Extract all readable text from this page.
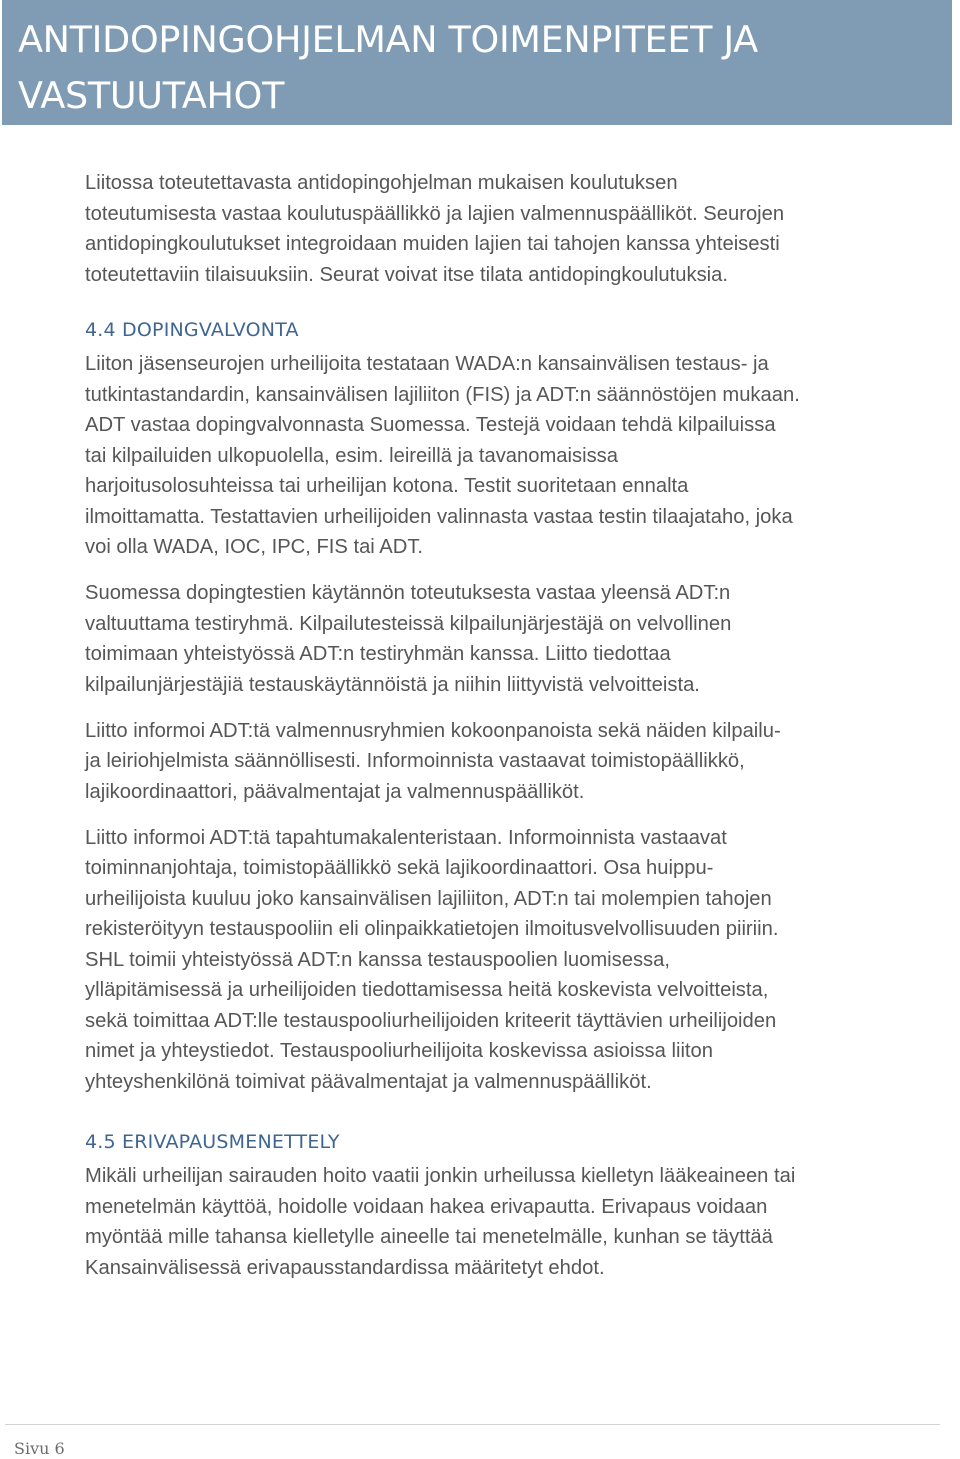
ANTIDOPINGOHJELMAN TOIMENPITEET JA
VASTUUTAHOT

Liitossa toteutettavasta antidopingohjelman mukaisen koulutuksen
toteutumisesta vastaa koulutuspäällikkö ja lajien valmennuspäälliköt. Seurojen
antidopingkoulutukset integroidaan muiden lajien tai tahojen kanssa yhteisesti
toteutettaviin tilaisuuksiin. Seurat voivat itse tilata antidopingkoulutuksia.

4.4 DOPINGVALVONTA

Liiton jäsenseurojen urheilijoita testataan WADA:n kansainvälisen testaus- ja
tutkintastandardin, kansainvälisen lajiliiton (FIS) ja ADT:n säännöstöjen mukaan.
ADT vastaa dopingvalvonnasta Suomessa. Testejä voidaan tehdä kilpailuissa
tai kilpailuiden ulkopuolella, esim. leireillä ja tavanomaisissa
harjoitusolosuhteissa tai urheilijan kotona. Testit suoritetaan ennalta
ilmoittamatta. Testattavien urheilijoiden valinnasta vastaa testin tilaajataho, joka
voi olla WADA, IOC, IPC, FIS tai ADT.

Suomessa dopingtestien käytännön toteutuksesta vastaa yleensä ADT:n
valtuuttama testiryhmä. Kilpailutesteissä kilpailunjärjestäjä on velvollinen
toimimaan yhteistyössä ADT:n testiryhmän kanssa. Liitto tiedottaa
kilpailunjärjestäjiä testauskäytännöistä ja niihin liittyvistä velvoitteista.

Liitto informoi ADT:tä valmennusryhmien kokoonpanoista sekä näiden kilpailu-
ja leiriohjelmista säännöllisesti. Informoinnista vastaavat toimistopäällikkö,
lajikoordinaattori, päävalmentajat ja valmennuspäälliköt.

Liitto informoi ADT:tä tapahtumakalenteristaan. Informoinnista vastaavat
toiminnanjohtaja, toimistopäällikkö sekä lajikoordinaattori. Osa huippu-
urheilijoista kuuluu joko kansainvälisen lajiliiton, ADT:n tai molempien tahojen
rekisteröityyn testauspooliin eli olinpaikkatietojen ilmoitusvelvollisuuden piiriin.
SHL toimii yhteistyössä ADT:n kanssa testauspoolien luomisessa,
ylläpitämisessä ja urheilijoiden tiedottamisessa heitä koskevista velvoitteista,
sekä toimittaa ADT:lle testauspooliurheilijoiden kriteerit täyttävien urheilijoiden
nimet ja yhteystiedot. Testauspooliurheilijoita koskevissa asioissa liiton
yhteyshenkilönä toimivat päävalmentajat ja valmennuspäälliköt.

4.5 ERIVAPAUSMENETTELY

Mikäli urheilijan sairauden hoito vaatii jonkin urheilussa kielletyn lääkeaineen tai
menetelmän käyttöä, hoidolle voidaan hakea erivapautta. Erivapaus voidaan
myöntää mille tahansa kielletylle aineelle tai menetelmälle, kunhan se täyttää
Kansainvälisessä erivapausstandardissa määritetyt ehdot.

Sivu 6
